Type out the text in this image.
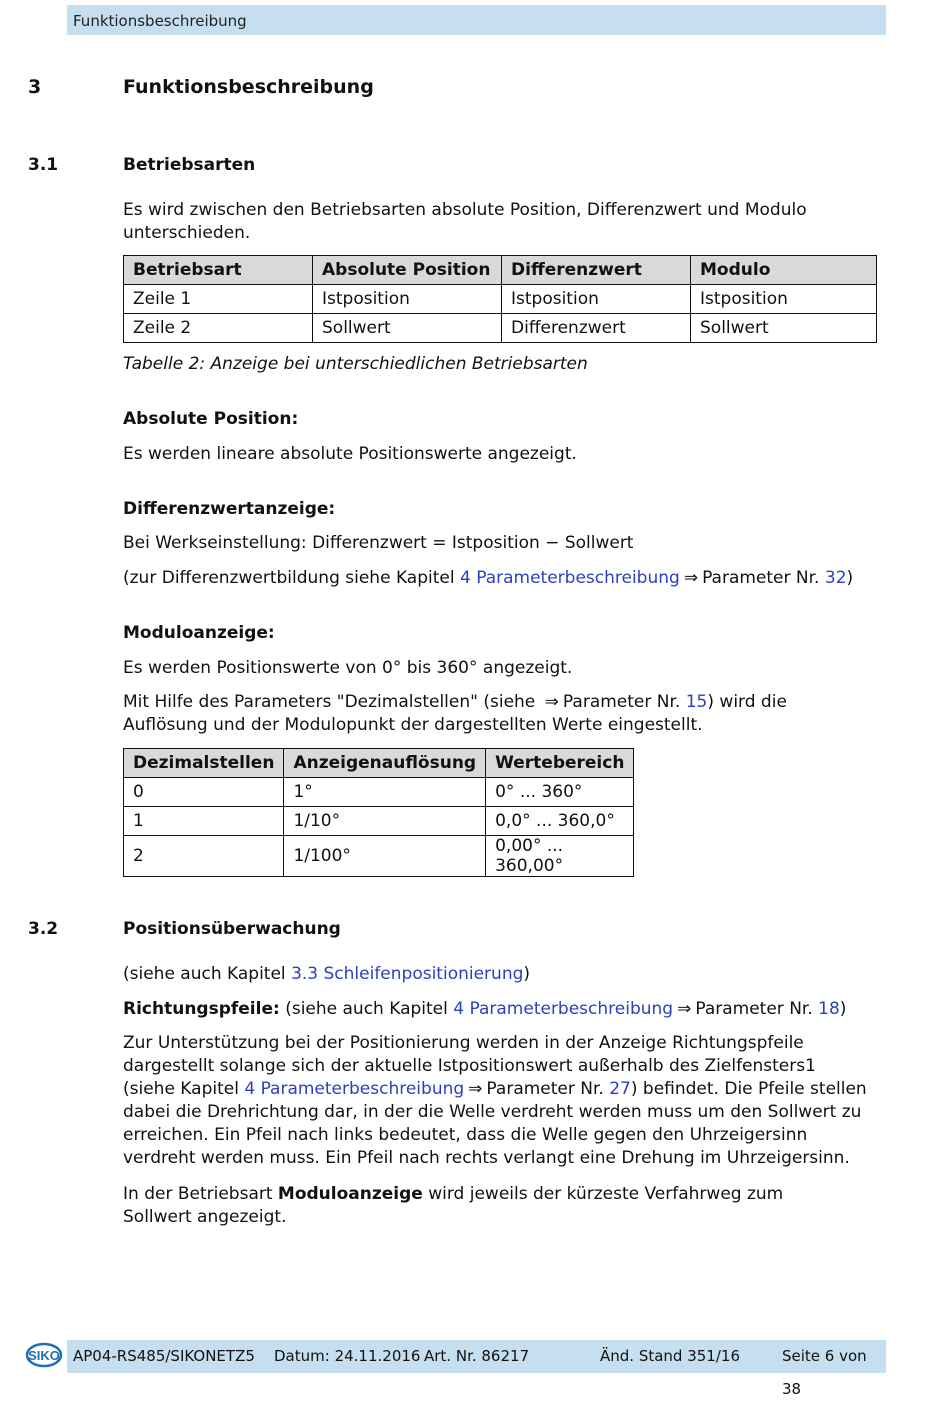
Funktionsbeschreibung
3	Funktionsbeschreibung
3.1	Betriebsarten
Es wird zwischen den Betriebsarten absolute Position, Differenzwert und Modulo unterschieden.
Betriebsart	Absolute Position	Differenzwert	Modulo
Zeile 1	Istposition	Istposition	Istposition
Zeile 2	Sollwert	Differenzwert	Sollwert
Tabelle 2: Anzeige bei unterschiedlichen Betriebsarten
Absolute Position:
Es werden lineare absolute Positionswerte angezeigt.
Differenzwertanzeige:
Bei Werkseinstellung: Differenzwert = Istposition − Sollwert
(zur Differenzwertbildung siehe Kapitel 4 Parameterbeschreibung ⇒ Parameter Nr. 32)
Moduloanzeige:
Es werden Positionswerte von 0° bis 360° angezeigt.
Mit Hilfe des Parameters "Dezimalstellen" (siehe ⇒ Parameter Nr. 15) wird die Auflösung und der Modulopunkt der dargestellten Werte eingestellt.
Dezimalstellen	Anzeigenauflösung	Wertebereich
0	1°	0° ... 360°
1	1/10°	0,0° ... 360,0°
2	1/100°	0,00° ... 360,00°
3.2	Positionsüberwachung
(siehe auch Kapitel 3.3 Schleifenpositionierung)
Richtungspfeile: (siehe auch Kapitel 4 Parameterbeschreibung ⇒ Parameter Nr. 18)
Zur Unterstützung bei der Positionierung werden in der Anzeige Richtungspfeile dargestellt solange sich der aktuelle Istpositionswert außerhalb des Zielfensters1 (siehe Kapitel 4 Parameterbeschreibung ⇒ Parameter Nr. 27) befindet. Die Pfeile stellen dabei die Drehrichtung dar, in der die Welle verdreht werden muss um den Sollwert zu erreichen. Ein Pfeil nach links bedeutet, dass die Welle gegen den Uhrzeigersinn verdreht werden muss. Ein Pfeil nach rechts verlangt eine Drehung im Uhrzeigersinn.
In der Betriebsart Moduloanzeige wird jeweils der kürzeste Verfahrweg zum Sollwert angezeigt.
SIKO AP04-RS485/SIKONETZ5 Datum: 24.11.2016 Art. Nr. 86217	Änd. Stand 351/16	Seite 6 von 38
